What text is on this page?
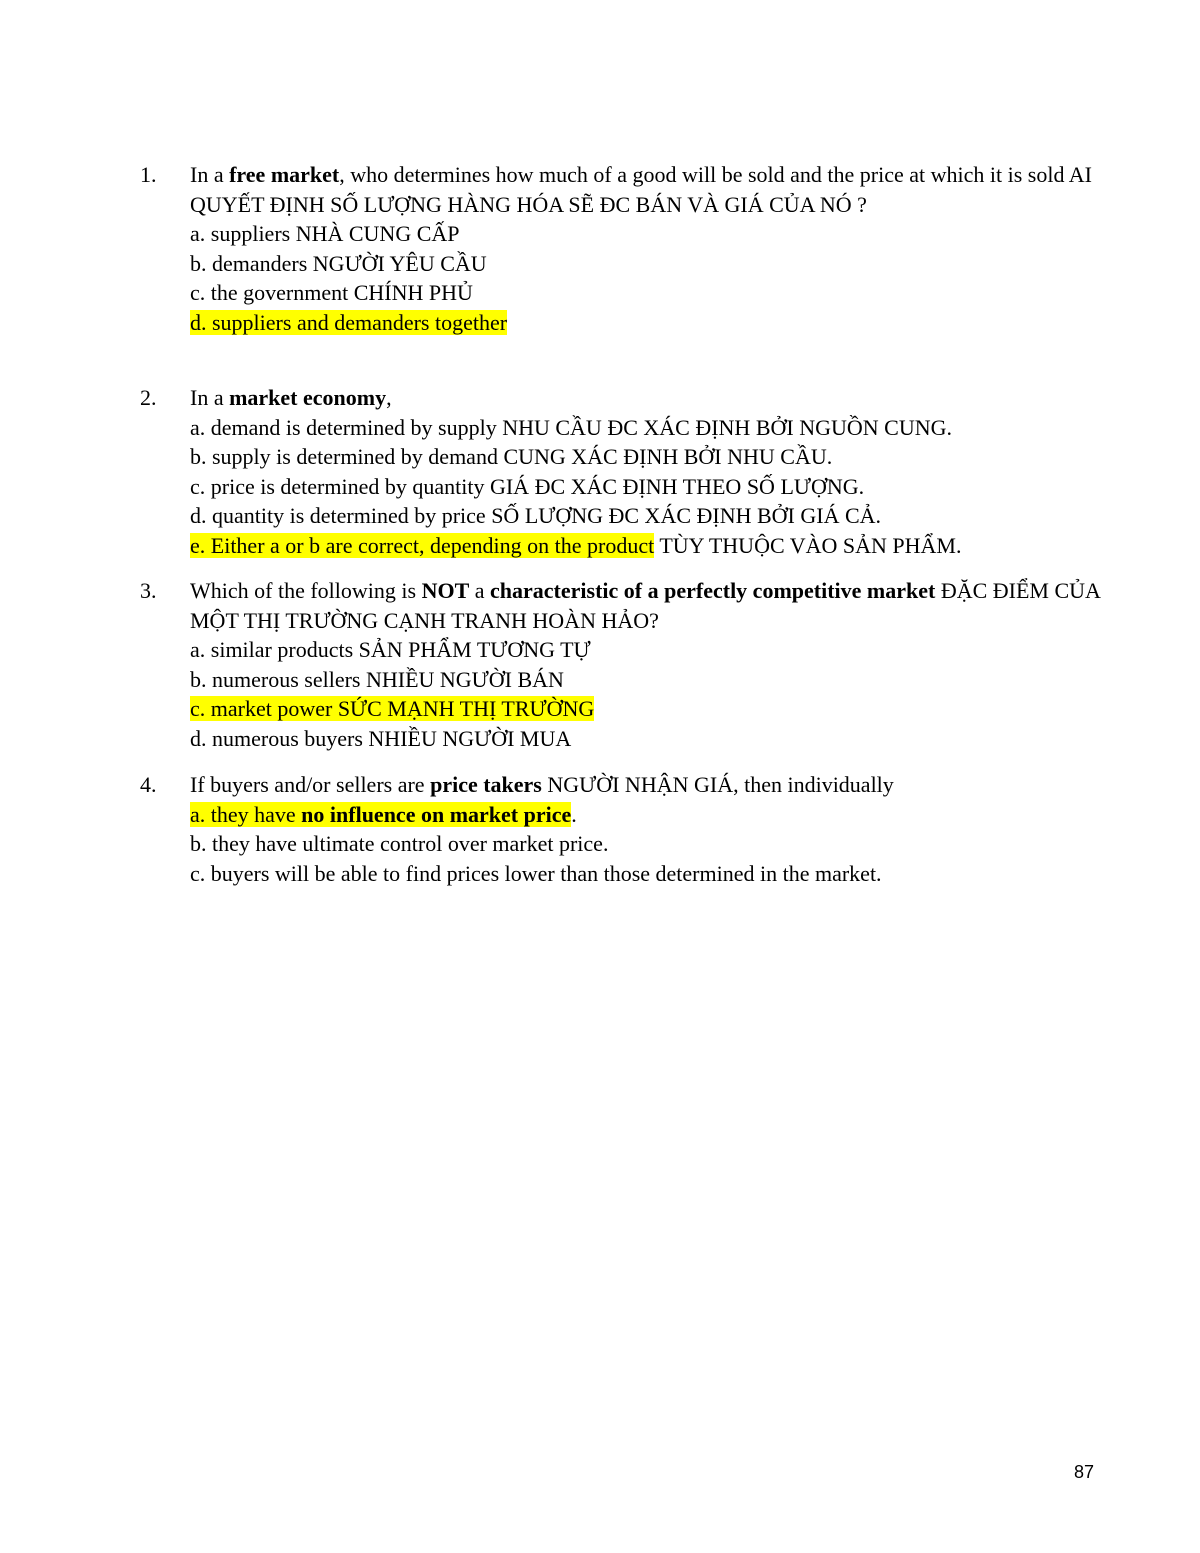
1.	In a free market, who determines how much of a good will be sold and the price at which it is sold AI QUYẾT ĐỊNH SỐ LƯỢNG HÀNG HÓA SẼ ĐC BÁN VÀ GIÁ CỦA NÓ ?
a. suppliers NHÀ CUNG CẤP
b. demanders NGƯỜI YÊU CẦU
c. the government CHÍNH PHỦ
d. suppliers and demanders together
2.	In a market economy,
a. demand is determined by supply NHU CẦU ĐC XÁC ĐỊNH BỞI NGUỒN CUNG.
b. supply is determined by demand CUNG XÁC ĐỊNH BỞI NHU CẦU.
c. price is determined by quantity GIÁ ĐC XÁC ĐỊNH THEO SỐ LƯỢNG.
d. quantity is determined by price SỐ LƯỢNG ĐC XÁC ĐỊNH BỞI GIÁ CẢ.
e. Either a or b are correct, depending on the product TÙY THUỘC VÀO SẢN PHẨM.
3.	Which of the following is NOT a characteristic of a perfectly competitive market ĐẶC ĐIỂM CỦA MỘT THỊ TRƯỜNG CẠNH TRANH HOÀN HẢO?
a. similar products SẢN PHẨM TƯƠNG TỰ
b. numerous sellers NHIỀU NGƯỜI BÁN
c. market power SỨC MẠNH THỊ TRƯỜNG
d. numerous buyers NHIỀU NGƯỜI MUA
4.	If buyers and/or sellers are price takers NGƯỜI NHẬN GIÁ, then individually
a. they have no influence on market price.
b. they have ultimate control over market price.
c. buyers will be able to find prices lower than those determined in the market.
87
